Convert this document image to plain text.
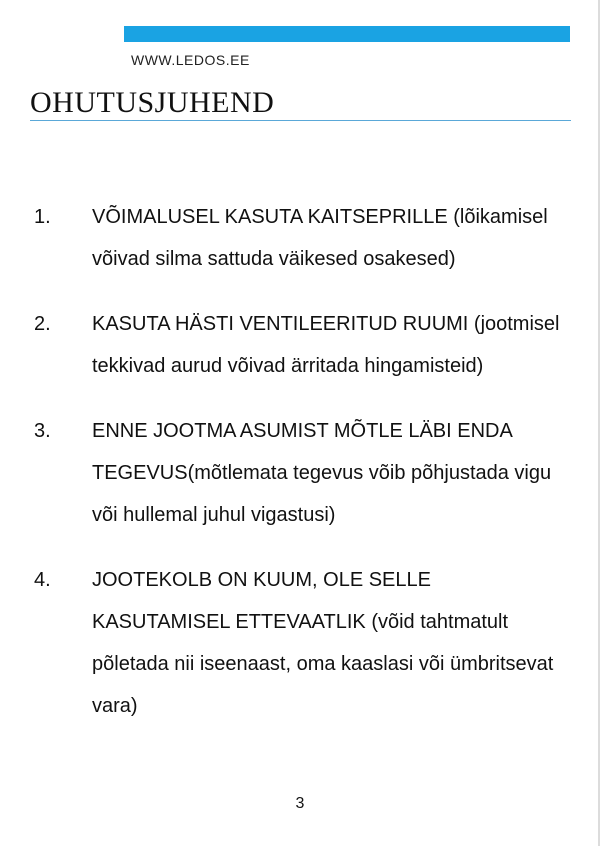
WWW.LEDOS.EE
OHUTUSJUHEND
1.	VÕIMALUSEL KASUTA KAITSEPRILLE (lõikamisel võivad silma sattuda väikesed osakesed)
2.	KASUTA HÄSTI VENTILEERITUD RUUMI (jootmisel tekkivad aurud võivad ärritada hingamisteid)
3.	ENNE JOOTMA ASUMIST MÕTLE LÄBI ENDA TEGEVUS(mõtlemata tegevus võib põhjustada vigu või hullemal juhul vigastusi)
4.	JOOTEKOLB ON KUUM, OLE SELLE KASUTAMISEL ETTEVAATLIK (võid tahtmatult põletada nii iseenaast, oma kaaslasi või ümbritsevat vara)
3
